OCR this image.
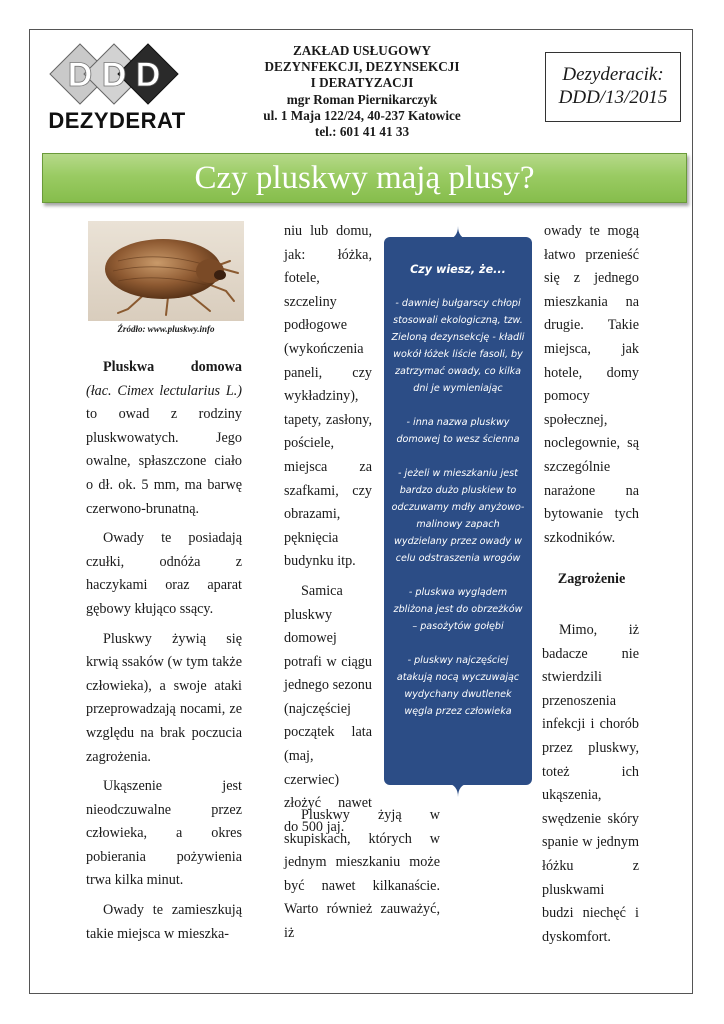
D D D
DEZYDERAT
ZAKŁAD USŁUGOWY
DEZYNFEKCJI, DEZYNSEKCJI
I DERATYZACJI
mgr Roman Piernikarczyk
ul. 1 Maja 122/24, 40-237 Katowice
tel.: 601 41 41 33
Dezyderacik:
DDD/13/2015
Czy pluskwy mają plusy?
Źródło: www.pluskwy.info

Pluskwa domowa (łac. Cimex lectularius L.) to owad z rodziny pluskwowatych. Jego owalne, spłaszczone ciało o dł. ok. 5 mm, ma barwę czerwono-brunatną.

Owady te posiadają czułki, odnóża z haczykami oraz aparat gębowy kłująco ssący.

Pluskwy żywią się krwią ssaków (w tym także człowieka), a swoje ataki przeprowadzają nocami, ze względu na brak poczucia zagrożenia.

Ukąszenie jest nieodczuwalne przez człowieka, a okres pobierania pożywienia trwa kilka minut.

Owady te zamieszkują takie miejsca w mieszka-

niu lub domu, jak: łóżka, fotele, szczeliny podłogowe (wykończenia paneli, czy wykładziny), tapety, zasłony, pościele, miejsca za szafkami, czy obrazami, pęknięcia budynku itp.

Samica pluskwy domowej potrafi w ciągu jednego sezonu (najczęściej początek lata (maj, czerwiec) złożyć nawet do 500 jaj.

Pluskwy żyją w skupiskach, których w jednym mieszkaniu może być nawet kilkanaście. Warto również zauważyć, iż

Czy wiesz, że...
- dawniej bułgarscy chłopi stosowali ekologiczną, tzw. Zieloną dezynsekcję - kładli wokół łóżek liście fasoli, by zatrzymać owady, co kilka dni je wymieniając
- inna nazwa pluskwy domowej to wesz ścienna
- jeżeli w mieszkaniu jest bardzo dużo pluskiew to odczuwamy mdły anyżowo-malinowy zapach wydzielany przez owady w celu odstraszenia wrogów
- pluskwa wyglądem zbliżona jest do obrzeżków – pasożytów gołębi
- pluskwy najczęściej atakują nocą wyczuwając wydychany dwutlenek węgla przez człowieka

owady te mogą łatwo przenieść się z jednego mieszkania na drugie. Takie miejsca, jak hotele, domy pomocy społecznej, noclegownie, są szczególnie narażone na bytowanie tych szkodników.

Zagrożenie

Mimo, iż badacze nie stwierdzili przenoszenia infekcji i chorób przez pluskwy, toteż ich ukąszenia, swędzenie skóry spanie w jednym łóżku z pluskwami budzi niechęć i dyskomfort.
